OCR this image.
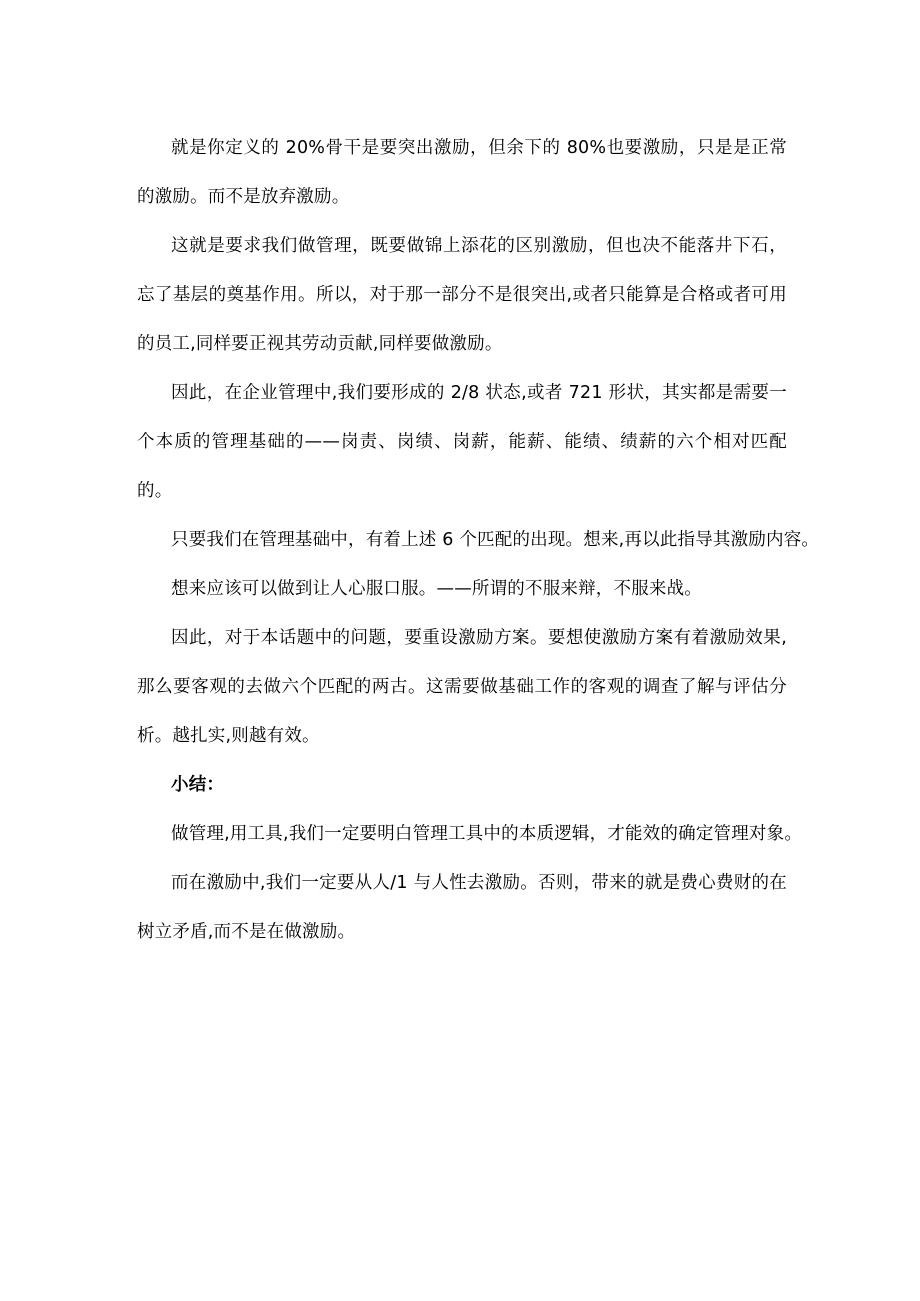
就是你定义的 20%骨干是要突出激励，但余下的 80%也要激励，只是是正常的激励。而不是放弃激励。

这就是要求我们做管理，既要做锦上添花的区别激励，但也决不能落井下石，忘了基层的奠基作用。所以，对于那一部分不是很突出,或者只能算是合格或者可用的员工,同样要正视其劳动贡献,同样要做激励。

因此，在企业管理中,我们要形成的 2/8 状态,或者 721 形状，其实都是需要一个本质的管理基础的——岗责、岗绩、岗薪，能薪、能绩、绩薪的六个相对匹配的。

只要我们在管理基础中，有着上述 6 个匹配的出现。想来,再以此指导其激励内容。

想来应该可以做到让人心服口服。——所谓的不服来辩，不服来战。

因此，对于本话题中的问题，要重设激励方案。要想使激励方案有着激励效果,那么要客观的去做六个匹配的两古。这需要做基础工作的客观的调查了解与评估分析。越扎实,则越有效。

小结：

做管理,用工具,我们一定要明白管理工具中的本质逻辑，才能效的确定管理对象。

而在激励中,我们一定要从人/1 与人性去激励。否则，带来的就是费心费财的在树立矛盾,而不是在做激励。
